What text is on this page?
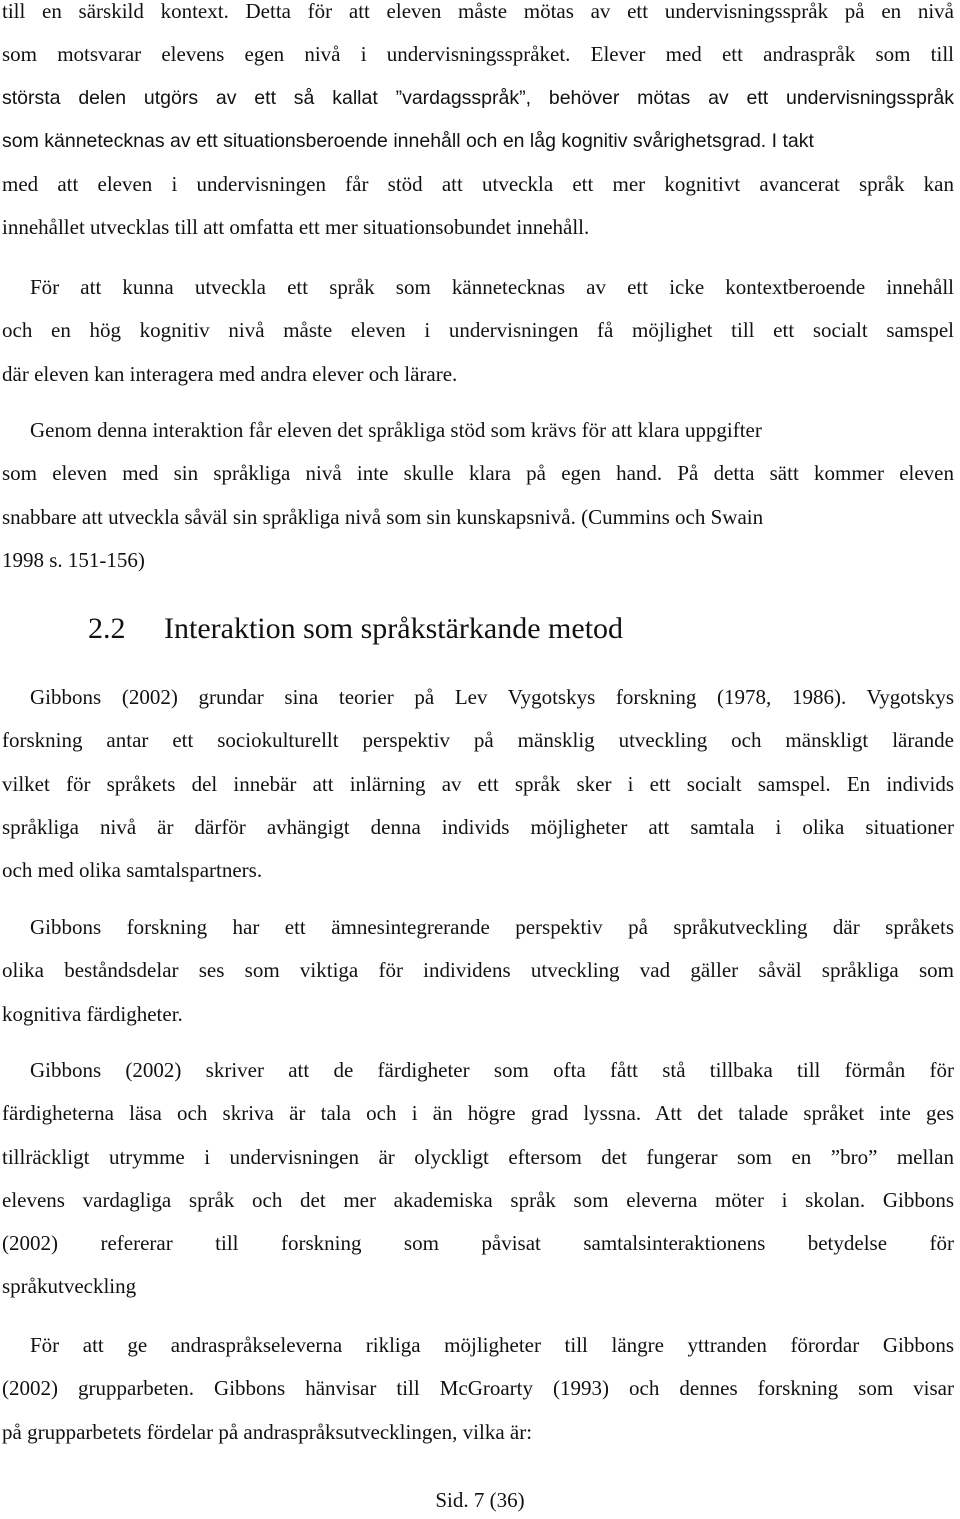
till en särskild kontext. Detta för att eleven måste mötas av ett undervisningsspråk på en nivå
som motsvarar elevens egen nivå i undervisningsspråket. Elever med ett andraspråk som till
största delen utgörs av ett så kallat ”vardagsspråk”, behöver mötas av ett undervisningsspråk
som kännetecknas av ett situationsberoende innehåll och en låg kognitiv svårighetsgrad. I takt
med att eleven i undervisningen får stöd att utveckla ett mer kognitivt avancerat språk kan
innehållet utvecklas till att omfatta ett mer situationsobundet innehåll.

För att kunna utveckla ett språk som kännetecknas av ett icke kontextberoende innehåll
och en hög kognitiv nivå måste eleven i undervisningen få möjlighet till ett socialt samspel
där eleven kan interagera med andra elever och lärare.

Genom denna interaktion får eleven det språkliga stöd som krävs för att klara uppgifter
som eleven med sin språkliga nivå inte skulle klara på egen hand. På detta sätt kommer eleven
snabbare att utveckla såväl sin språkliga nivå som sin kunskapsnivå. (Cummins och Swain
1998 s. 151-156)

2.2 Interaktion som språkstärkande metod

Gibbons (2002) grundar sina teorier på Lev Vygotskys forskning (1978, 1986). Vygotskys
forskning antar ett sociokulturellt perspektiv på mänsklig utveckling och mänskligt lärande
vilket för språkets del innebär att inlärning av ett språk sker i ett socialt samspel. En individs
språkliga nivå är därför avhängigt denna individs möjligheter att samtala i olika situationer
och med olika samtalspartners.

Gibbons forskning har ett ämnesintegrerande perspektiv på språkutveckling där språkets
olika beståndsdelar ses som viktiga för individens utveckling vad gäller såväl språkliga som
kognitiva färdigheter.

Gibbons (2002) skriver att de färdigheter som ofta fått stå tillbaka till förmån för
färdigheterna läsa och skriva är tala och i än högre grad lyssna. Att det talade språket inte ges
tillräckligt utrymme i undervisningen är olyckligt eftersom det fungerar som en ”bro” mellan
elevens vardagliga språk och det mer akademiska språk som eleverna möter i skolan. Gibbons
(2002) refererar till forskning som påvisat samtalsinteraktionens betydelse för
språkutveckling

För att ge andraspråkseleverna rikliga möjligheter till längre yttranden förordar Gibbons
(2002) grupparbeten. Gibbons hänvisar till McGroarty (1993) och dennes forskning som visar
på grupparbetets fördelar på andraspråksutvecklingen, vilka är:

Sid. 7 (36)
